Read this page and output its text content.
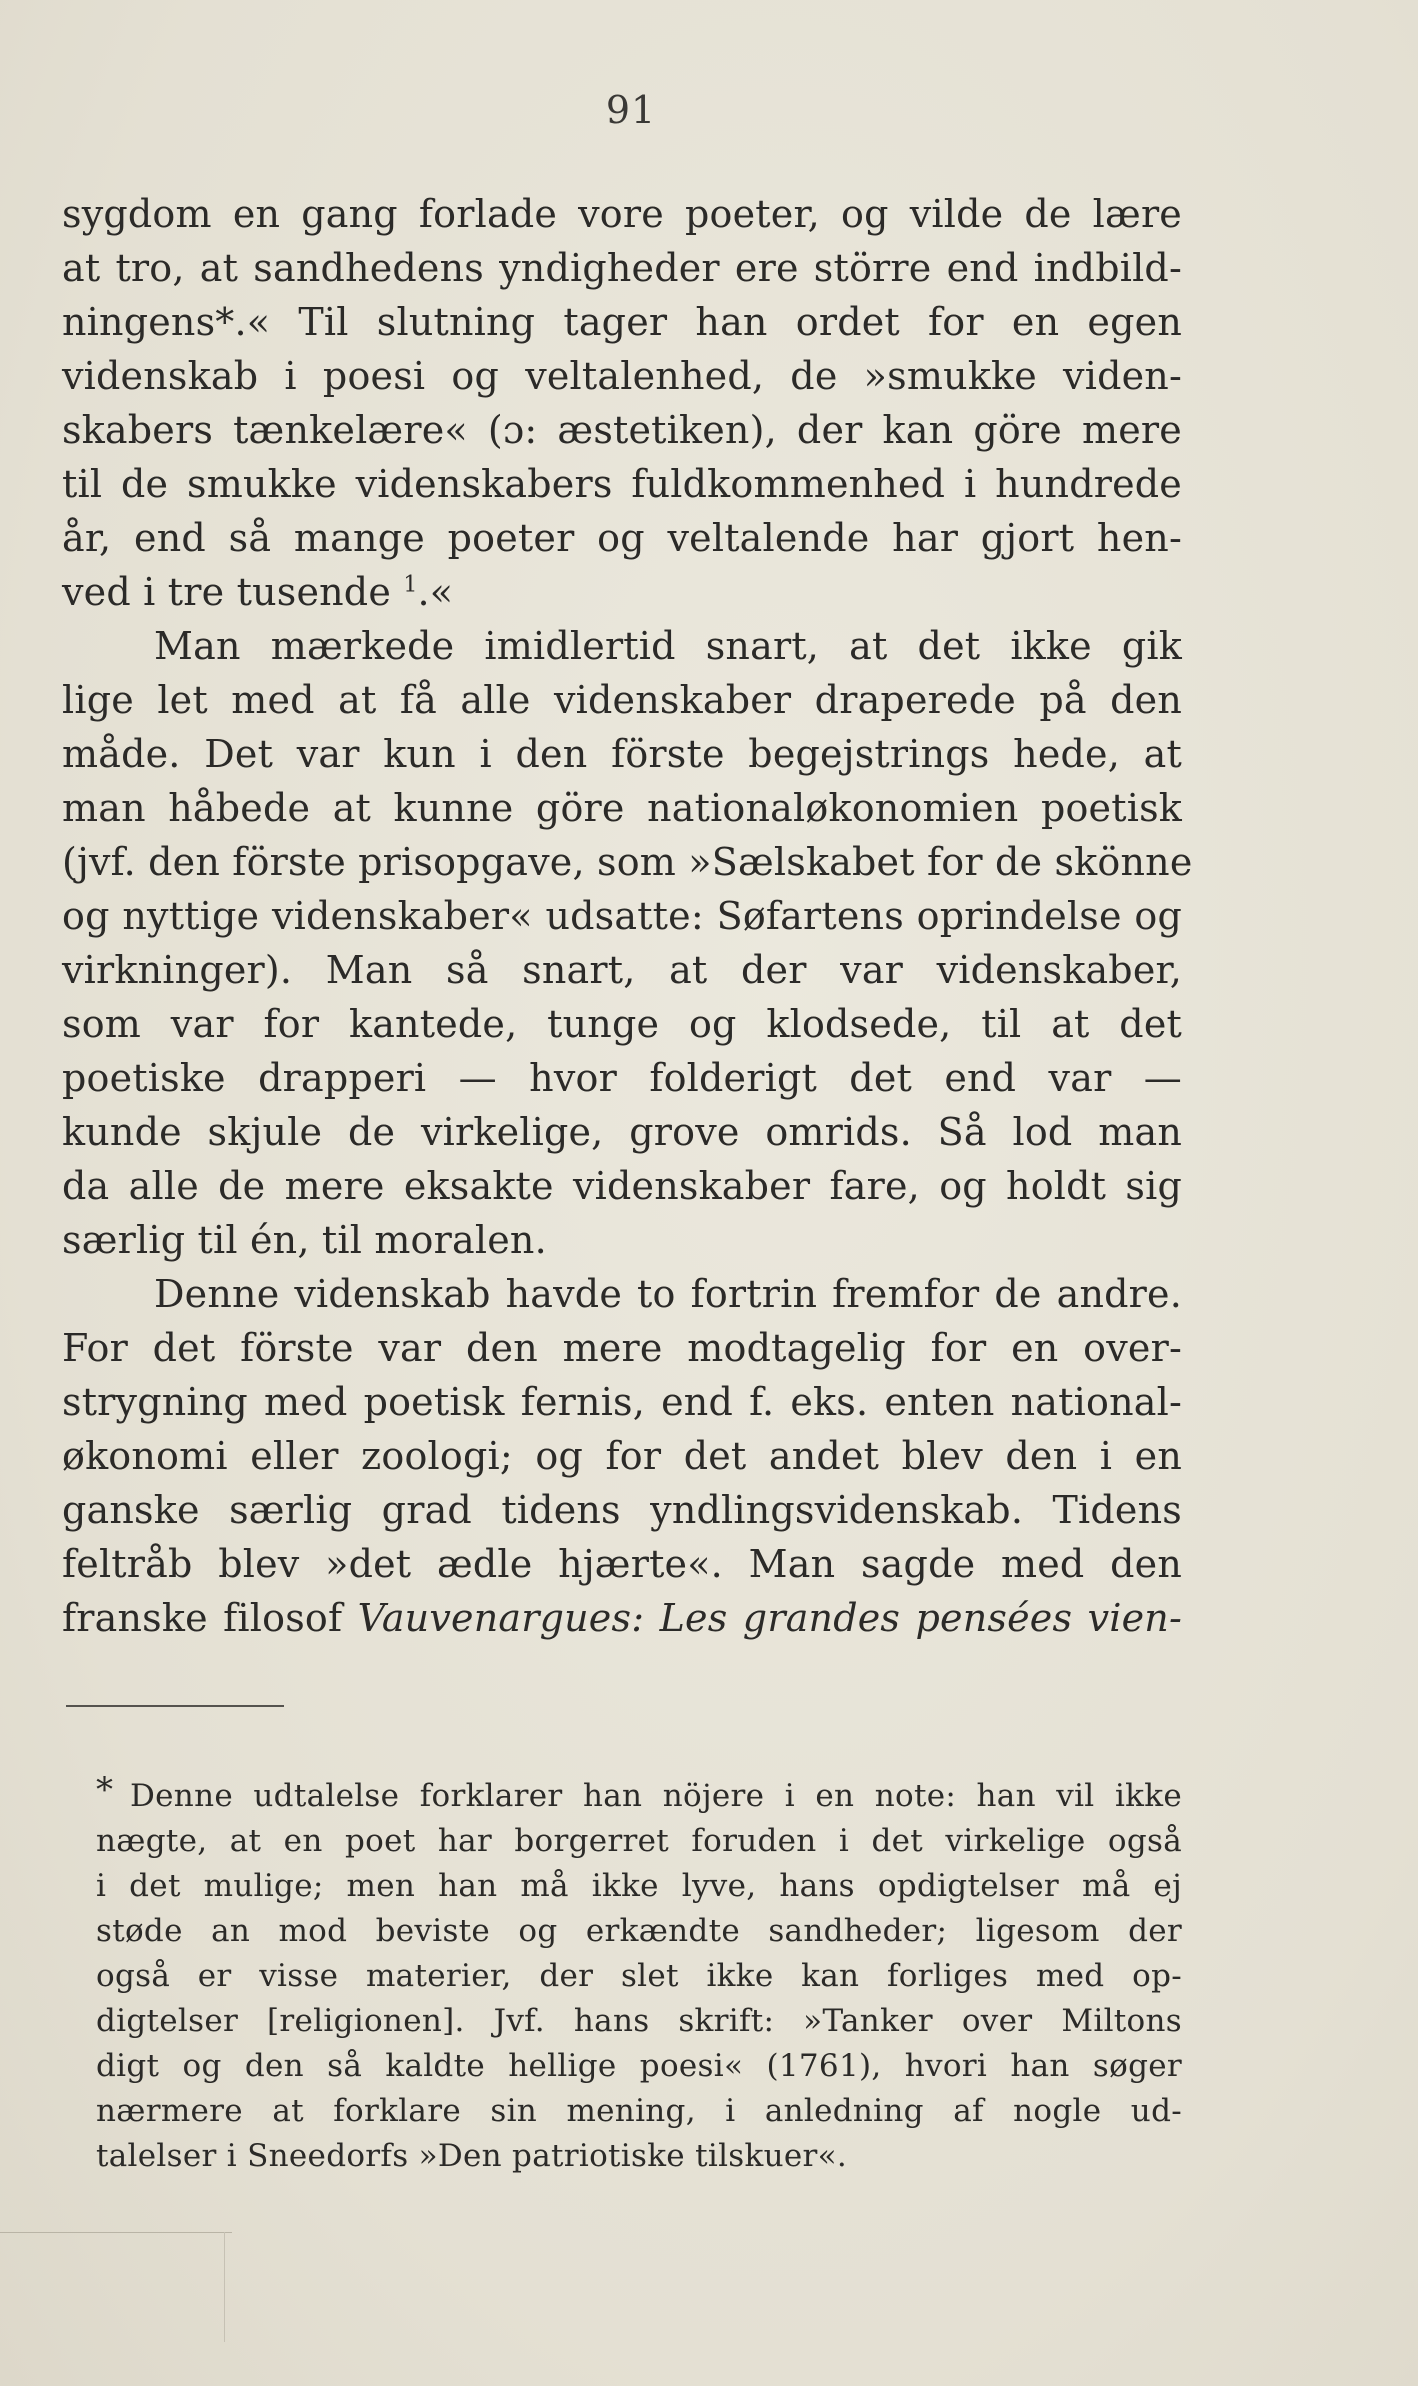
91
sygdom en gang forlade vore poeter, og vilde de lære
at tro, at sandhedens yndigheder ere större end indbild-
ningens*.« Til slutning tager han ordet for en egen
videnskab i poesi og veltalenhed, de »smukke viden-
skabers tænkelære« (ɔ: æstetiken), der kan göre mere
til de smukke videnskabers fuldkommenhed i hundrede
år, end så mange poeter og veltalende har gjort hen-
ved i tre tusende $^1$.«
Man mærkede imidlertid snart, at det ikke gik
lige let med at få alle videnskaber draperede på den
måde. Det var kun i den förste begejstrings hede, at
man håbede at kunne göre nationaløkonomien poetisk
(jvf. den förste prisopgave, som »Sælskabet for de skönne
og nyttige videnskaber« udsatte: Søfartens oprindelse og
virkninger). Man så snart, at der var videnskaber,
som var for kantede, tunge og klodsede, til at det
poetiske drapperi — hvor folderigt det end var —
kunde skjule de virkelige, grove omrids. Så lod man
da alle de mere eksakte videnskaber fare, og holdt sig
særlig til én, til moralen.
Denne videnskab havde to fortrin fremfor de andre.
For det förste var den mere modtagelig for en over-
strygning med poetisk fernis, end f. eks. enten national-
økonomi eller zoologi; og for det andet blev den i en
ganske særlig grad tidens yndlingsvidenskab. Tidens
feltråb blev »det ædle hjærte«. Man sagde med den
franske filosof Vauvenargues: Les grandes pensées vien-
* Denne udtalelse forklarer han nöjere i en note: han vil ikke
nægte, at en poet har borgerret foruden i det virkelige også
i det mulige; men han må ikke lyve, hans opdigtelser må ej
støde an mod beviste og erkændte sandheder; ligesom der
også er visse materier, der slet ikke kan forliges med op-
digtelser [religionen]. Jvf. hans skrift: »Tanker over Miltons
digt og den så kaldte hellige poesi« (1761), hvori han søger
nærmere at forklare sin mening, i anledning af nogle ud-
talelser i Sneedorfs »Den patriotiske tilskuer«.
